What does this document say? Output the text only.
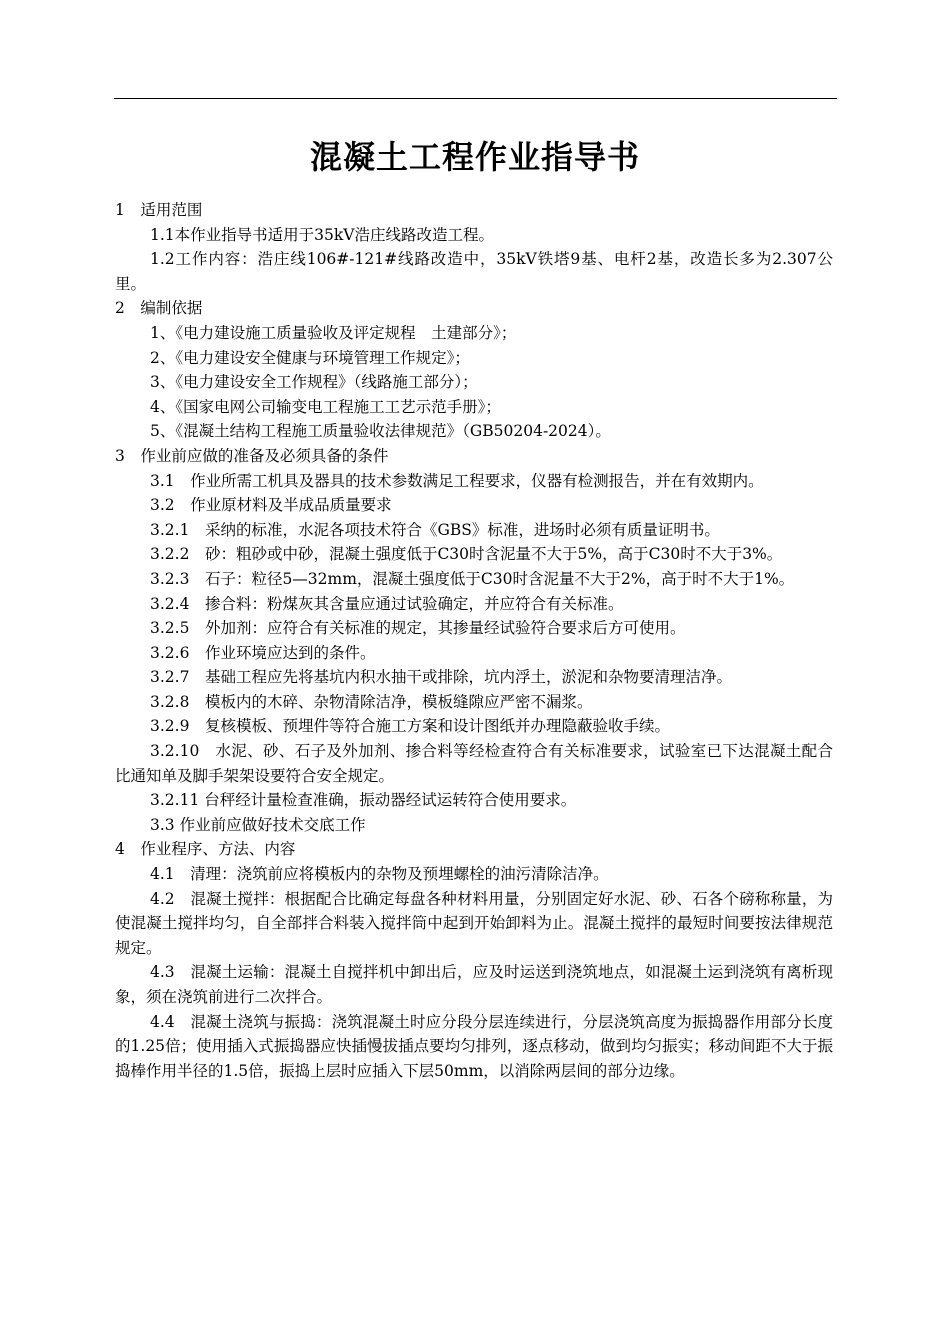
混凝土工程作业指导书

1　适用范围

1.1本作业指导书适用于35kV浩庄线路改造工程。

1.2工作内容：浩庄线106#-121#线路改造中，35kV铁塔9基、电杆2基，改造长多为2.307公里。

2　编制依据

1、《电力建设施工质量验收及评定规程　土建部分》；

2、《电力建设安全健康与环境管理工作规定》；

3、《电力建设安全工作规程》（线路施工部分）；

4、《国家电网公司输变电工程施工工艺示范手册》；

5、《混凝土结构工程施工质量验收法律规范》（GB50204-2024）。

3　作业前应做的准备及必须具备的条件

3.1　作业所需工机具及器具的技术参数满足工程要求，仪器有检测报告，并在有效期内。

3.2　作业原材料及半成品质量要求

3.2.1　采纳的标准，水泥各项技术符合《GBS》标准，进场时必须有质量证明书。

3.2.2　砂：粗砂或中砂，混凝土强度低于C30时含泥量不大于5%，高于C30时不大于3%。

3.2.3　石子：粒径5—32mm，混凝土强度低于C30时含泥量不大于2%，高于时不大于1%。

3.2.4　掺合料：粉煤灰其含量应通过试验确定，并应符合有关标准。

3.2.5　外加剂：应符合有关标准的规定，其掺量经试验符合要求后方可使用。

3.2.6　作业环境应达到的条件。

3.2.7　基础工程应先将基坑内积水抽干或排除，坑内浮土，淤泥和杂物要清理洁净。

3.2.8　模板内的木碎、杂物清除洁净，模板缝隙应严密不漏浆。

3.2.9　复核模板、预埋件等符合施工方案和设计图纸并办理隐蔽验收手续。

3.2.10　水泥、砂、石子及外加剂、掺合料等经检查符合有关标准要求，试验室已下达混凝土配合比通知单及脚手架架设要符合安全规定。

3.2.11 台秤经计量检查准确，振动器经试运转符合使用要求。

3.3 作业前应做好技术交底工作

4　作业程序、方法、内容

4.1　清理：浇筑前应将模板内的杂物及预埋螺栓的油污清除洁净。

4.2　混凝土搅拌：根据配合比确定每盘各种材料用量，分别固定好水泥、砂、石各个磅称称量，为使混凝土搅拌均匀，自全部拌合料装入搅拌筒中起到开始卸料为止。混凝土搅拌的最短时间要按法律规范规定。

4.3　混凝土运输：混凝土自搅拌机中卸出后，应及时运送到浇筑地点，如混凝土运到浇筑有离析现象，须在浇筑前进行二次拌合。

4.4　混凝土浇筑与振捣：浇筑混凝土时应分段分层连续进行，分层浇筑高度为振捣器作用部分长度的1.25倍；使用插入式振捣器应快插慢拔插点要均匀排列，逐点移动，做到均匀振实；移动间距不大于振捣棒作用半径的1.5倍，振捣上层时应插入下层50mm，以消除两层间的部分边缘。
